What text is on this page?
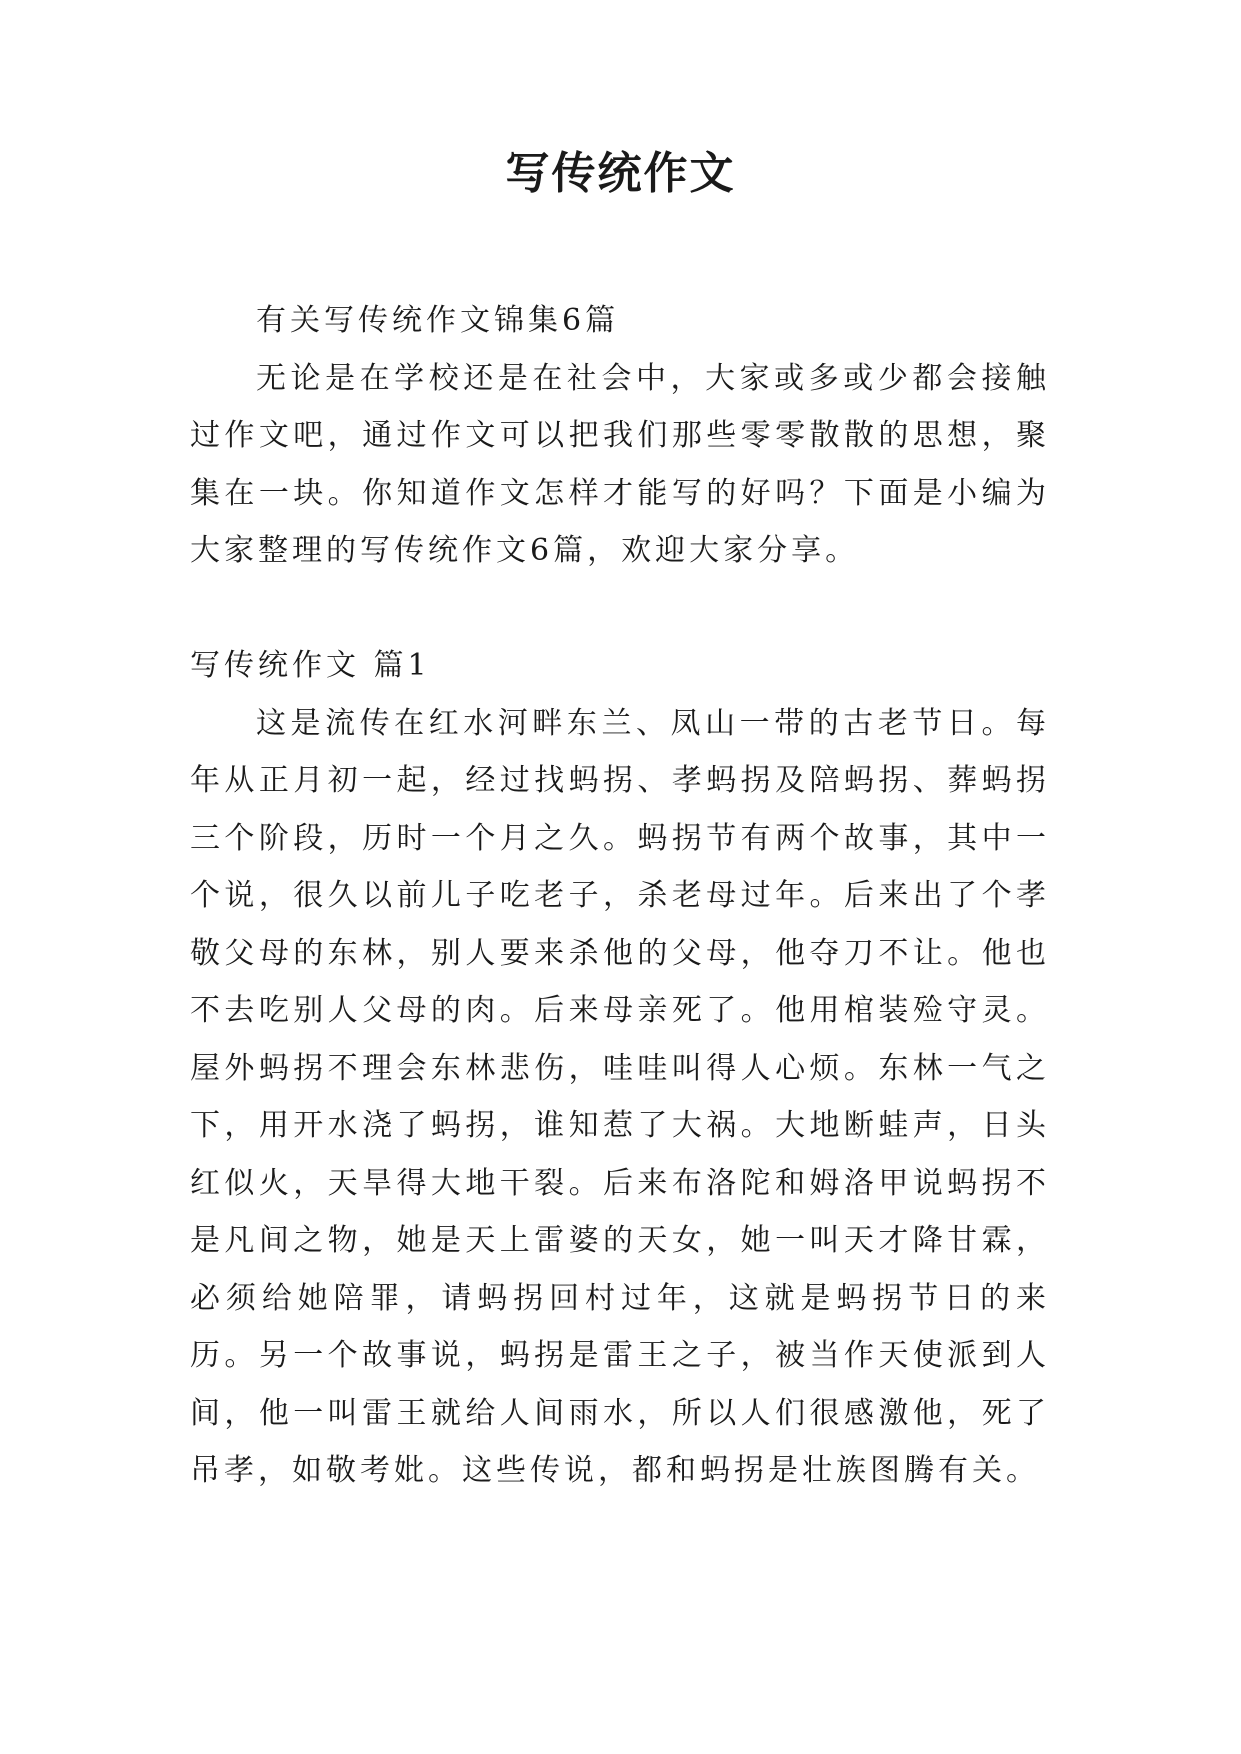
写传统作文

有关写传统作文锦集6篇

无论是在学校还是在社会中，大家或多或少都会接触过作文吧，通过作文可以把我们那些零零散散的思想，聚集在一块。你知道作文怎样才能写的好吗？下面是小编为大家整理的写传统作文6篇，欢迎大家分享。

写传统作文 篇1

这是流传在红水河畔东兰、凤山一带的古老节日。每年从正月初一起，经过找蚂拐、孝蚂拐及陪蚂拐、葬蚂拐三个阶段，历时一个月之久。蚂拐节有两个故事，其中一个说，很久以前儿子吃老子，杀老母过年。后来出了个孝敬父母的东林，别人要来杀他的父母，他夺刀不让。他也不去吃别人父母的肉。后来母亲死了。他用棺装殓守灵。屋外蚂拐不理会东林悲伤，哇哇叫得人心烦。东林一气之下，用开水浇了蚂拐，谁知惹了大祸。大地断蛙声，日头红似火，天旱得大地干裂。后来布洛陀和姆洛甲说蚂拐不是凡间之物，她是天上雷婆的天女，她一叫天才降甘霖，必须给她陪罪，请蚂拐回村过年，这就是蚂拐节日的来历。另一个故事说，蚂拐是雷王之子，被当作天使派到人间，他一叫雷王就给人间雨水，所以人们很感激他，死了吊孝，如敬考妣。这些传说，都和蚂拐是壮族图腾有关。
